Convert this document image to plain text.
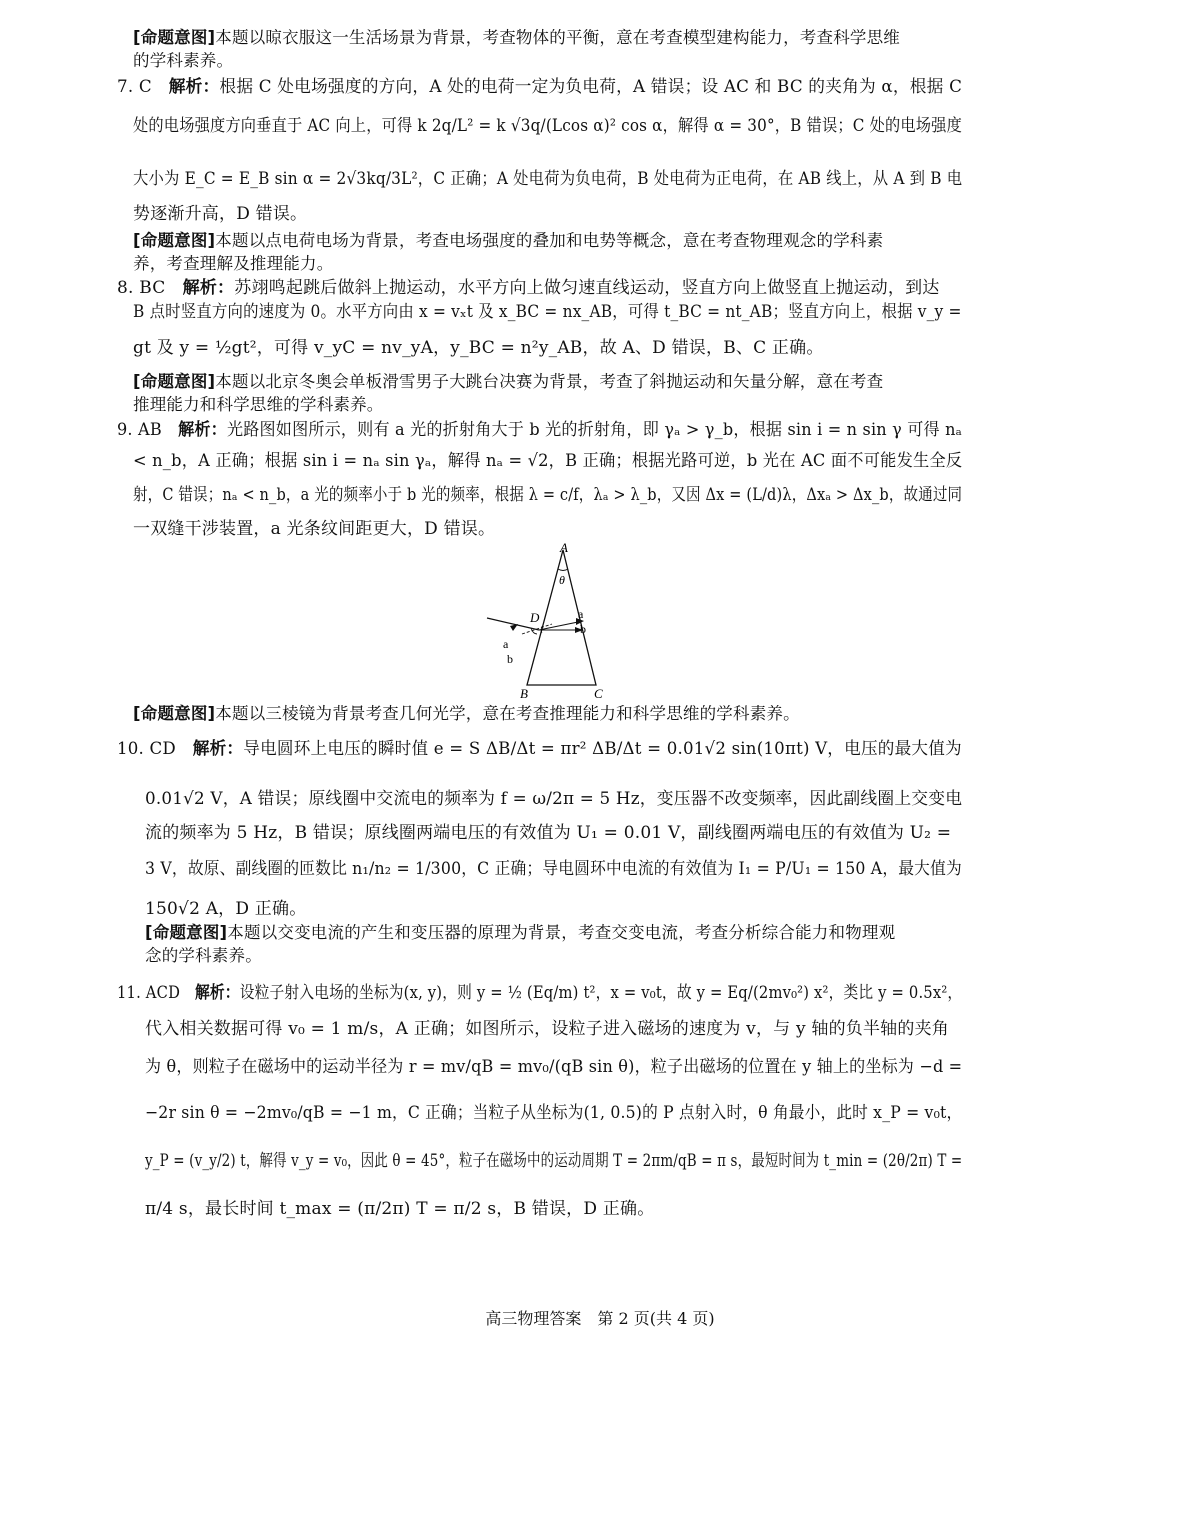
[命题意图]本题以晾衣服这一生活场景为背景，考查物体的平衡，意在考查模型建构能力，考查科学思维
的学科素养。
7. C　 解析：根据 C 处电场强度的方向，A 处的电荷一定为负电荷，A 错误；设 AC 和 BC 的夹角为 α，根据 C
处的电场强度方向垂直于 AC 向上，可得 k 2q/L² = k √3q/(Lcos α)² cos α，解得 α = 30°，B 错误；C 处的电场强度
大小为 E_C = E_B sin α = 2√3kq/3L²，C 正确；A 处电荷为负电荷，B 处电荷为正电荷，在 AB 线上，从 A 到 B 电
势逐渐升高，D 错误。
[命题意图]本题以点电荷电场为背景，考查电场强度的叠加和电势等概念，意在考查物理观念的学科素
养，考查理解及推理能力。
8. BC　 解析：苏翊鸣起跳后做斜上抛运动，水平方向上做匀速直线运动，竖直方向上做竖直上抛运动，到达
B 点时竖直方向的速度为 0。水平方向由 x = vₓt 及 x_BC = nx_AB，可得 t_BC = nt_AB；竖直方向上，根据 v_y =
gt 及 y = ½gt²，可得 v_yC = nv_yA，y_BC = n²y_AB，故 A、D 错误，B、C 正确。
[命题意图]本题以北京冬奥会单板滑雪男子大跳台决赛为背景，考查了斜抛运动和矢量分解，意在考查
推理能力和科学思维的学科素养。
9. AB　 解析：光路图如图所示，则有 a 光的折射角大于 b 光的折射角，即 γₐ > γ_b，根据 sin i = n sin γ 可得 nₐ
< n_b，A 正确；根据 sin i = nₐ sin γₐ，解得 nₐ = √2，B 正确；根据光路可逆，b 光在 AC 面不可能发生全反
射，C 错误；nₐ < n_b，a 光的频率小于 b 光的频率，根据 λ = c/f，λₐ > λ_b，又因 Δx = (L/d)λ，Δxₐ > Δx_b，故通过同
一双缝干涉装置，a 光条纹间距更大，D 错误。
A
θ
D
i
a
b
a
b
B	C
[命题意图]本题以三棱镜为背景考查几何光学，意在考查推理能力和科学思维的学科素养。
10. CD　 解析：导电圆环上电压的瞬时值 e = S ΔB/Δt = πr² ΔB/Δt = 0.01√2 sin(10πt) V，电压的最大值为
0.01√2 V，A 错误；原线圈中交流电的频率为 f = ω/2π = 5 Hz，变压器不改变频率，因此副线圈上交变电
流的频率为 5 Hz，B 错误；原线圈两端电压的有效值为 U₁ = 0.01 V，副线圈两端电压的有效值为 U₂ =
3 V，故原、副线圈的匝数比 n₁/n₂ = 1/300，C 正确；导电圆环中电流的有效值为 I₁ = P/U₁ = 150 A，最大值为
150√2 A，D 正确。
[命题意图]本题以交变电流的产生和变压器的原理为背景，考查交变电流，考查分析综合能力和物理观
念的学科素养。
11. ACD　 解析：设粒子射入电场的坐标为(x, y)，则 y = ½ (Eq/m) t²，x = v₀t，故 y = Eq/(2mv₀²) x²，类比 y = 0.5x²，
代入相关数据可得 v₀ = 1 m/s，A 正确；如图所示，设粒子进入磁场的速度为 v，与 y 轴的负半轴的夹角
为 θ，则粒子在磁场中的运动半径为 r = mv/qB = mv₀/(qB sin θ)，粒子出磁场的位置在 y 轴上的坐标为 −d =
−2r sin θ = −2mv₀/qB = −1 m，C 正确；当粒子从坐标为(1, 0.5)的 P 点射入时，θ 角最小，此时 x_P = v₀t，
y_P = (v_y/2) t，解得 v_y = v₀，因此 θ = 45°，粒子在磁场中的运动周期 T = 2πm/qB = π s，最短时间为 t_min = (2θ/2π) T =
π/4 s，最长时间 t_max = (π/2π) T = π/2 s，B 错误，D 正确。
高三物理答案　第 2 页(共 4 页)
